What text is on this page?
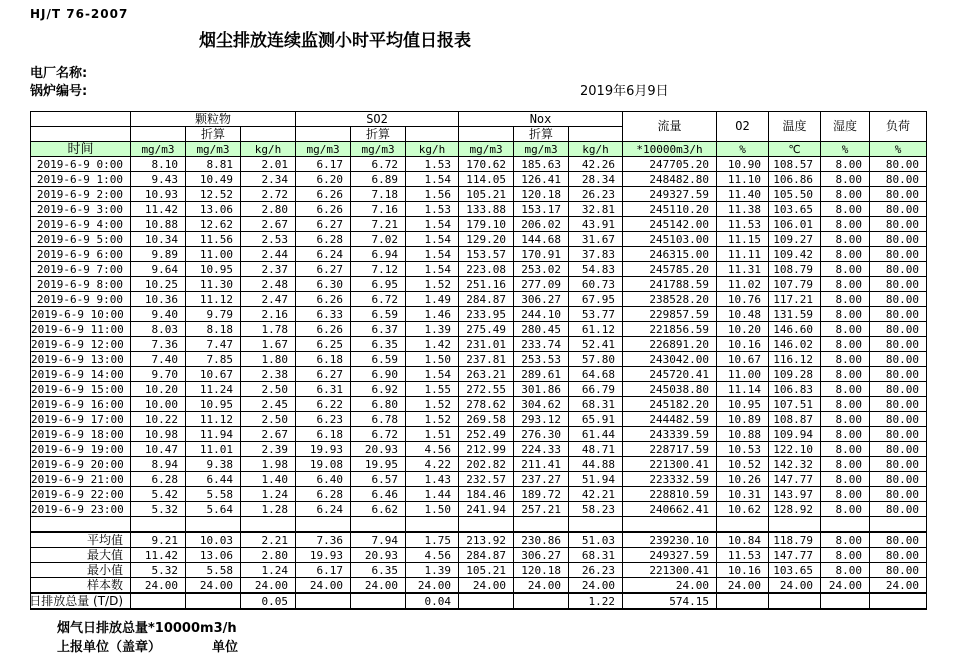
HJ/T 76-2007
烟尘排放连续监测小时平均值日报表
电厂名称:
锅炉编号:	2019年6月9日
	颗粒物			SO2			Nox			流量	O2	温度	湿度	负荷
		折算			折算			折算						
时间	mg/m3	mg/m3	kg/h	mg/m3	mg/m3	kg/h	mg/m3	mg/m3	kg/h	*10000m3/h	%	℃	%	%
2019-6-9 0:00	8.10	8.81	2.01	6.17	6.72	1.53	170.62	185.63	42.26	247705.20	10.90	108.57	8.00	80.00
2019-6-9 1:00	9.43	10.49	2.34	6.20	6.89	1.54	114.05	126.41	28.34	248482.80	11.10	106.86	8.00	80.00
2019-6-9 2:00	10.93	12.52	2.72	6.26	7.18	1.56	105.21	120.18	26.23	249327.59	11.40	105.50	8.00	80.00
2019-6-9 3:00	11.42	13.06	2.80	6.26	7.16	1.53	133.88	153.17	32.81	245110.20	11.38	103.65	8.00	80.00
2019-6-9 4:00	10.88	12.62	2.67	6.27	7.21	1.54	179.10	206.02	43.91	245142.00	11.53	106.01	8.00	80.00
2019-6-9 5:00	10.34	11.56	2.53	6.28	7.02	1.54	129.20	144.68	31.67	245103.00	11.15	109.27	8.00	80.00
2019-6-9 6:00	9.89	11.00	2.44	6.24	6.94	1.54	153.57	170.91	37.83	246315.00	11.11	109.42	8.00	80.00
2019-6-9 7:00	9.64	10.95	2.37	6.27	7.12	1.54	223.08	253.02	54.83	245785.20	11.31	108.79	8.00	80.00
2019-6-9 8:00	10.25	11.30	2.48	6.30	6.95	1.52	251.16	277.09	60.73	241788.59	11.02	107.79	8.00	80.00
2019-6-9 9:00	10.36	11.12	2.47	6.26	6.72	1.49	284.87	306.27	67.95	238528.20	10.76	117.21	8.00	80.00
2019-6-9 10:00	9.40	9.79	2.16	6.33	6.59	1.46	233.95	244.10	53.77	229857.59	10.48	131.59	8.00	80.00
2019-6-9 11:00	8.03	8.18	1.78	6.26	6.37	1.39	275.49	280.45	61.12	221856.59	10.20	146.60	8.00	80.00
2019-6-9 12:00	7.36	7.47	1.67	6.25	6.35	1.42	231.01	233.74	52.41	226891.20	10.16	146.02	8.00	80.00
2019-6-9 13:00	7.40	7.85	1.80	6.18	6.59	1.50	237.81	253.53	57.80	243042.00	10.67	116.12	8.00	80.00
2019-6-9 14:00	9.70	10.67	2.38	6.27	6.90	1.54	263.21	289.61	64.68	245720.41	11.00	109.28	8.00	80.00
2019-6-9 15:00	10.20	11.24	2.50	6.31	6.92	1.55	272.55	301.86	66.79	245038.80	11.14	106.83	8.00	80.00
2019-6-9 16:00	10.00	10.95	2.45	6.22	6.80	1.52	278.62	304.62	68.31	245182.20	10.95	107.51	8.00	80.00
2019-6-9 17:00	10.22	11.12	2.50	6.23	6.78	1.52	269.58	293.12	65.91	244482.59	10.89	108.87	8.00	80.00
2019-6-9 18:00	10.98	11.94	2.67	6.18	6.72	1.51	252.49	276.30	61.44	243339.59	10.88	109.94	8.00	80.00
2019-6-9 19:00	10.47	11.01	2.39	19.93	20.93	4.56	212.99	224.33	48.71	228717.59	10.53	122.10	8.00	80.00
2019-6-9 20:00	8.94	9.38	1.98	19.08	19.95	4.22	202.82	211.41	44.88	221300.41	10.52	142.32	8.00	80.00
2019-6-9 21:00	6.28	6.44	1.40	6.40	6.57	1.43	232.57	237.27	51.94	223332.59	10.26	147.77	8.00	80.00
2019-6-9 22:00	5.42	5.58	1.24	6.28	6.46	1.44	184.46	189.72	42.21	228810.59	10.31	143.97	8.00	80.00
2019-6-9 23:00	5.32	5.64	1.28	6.24	6.62	1.50	241.94	257.21	58.23	240662.41	10.62	128.92	8.00	80.00

平均值	9.21	10.03	2.21	7.36	7.94	1.75	213.92	230.86	51.03	239230.10	10.84	118.79	8.00	80.00
最大值	11.42	13.06	2.80	19.93	20.93	4.56	284.87	306.27	68.31	249327.59	11.53	147.77	8.00	80.00
最小值	5.32	5.58	1.24	6.17	6.35	1.39	105.21	120.18	26.23	221300.41	10.16	103.65	8.00	80.00
样本数	24.00	24.00	24.00	24.00	24.00	24.00	24.00	24.00	24.00	24.00	24.00	24.00	24.00	24.00
日排放总量 (T/D)			0.05			0.04			1.22	574.15				
烟气日排放总量*10000m3/h
上报单位（盖章）	单位
